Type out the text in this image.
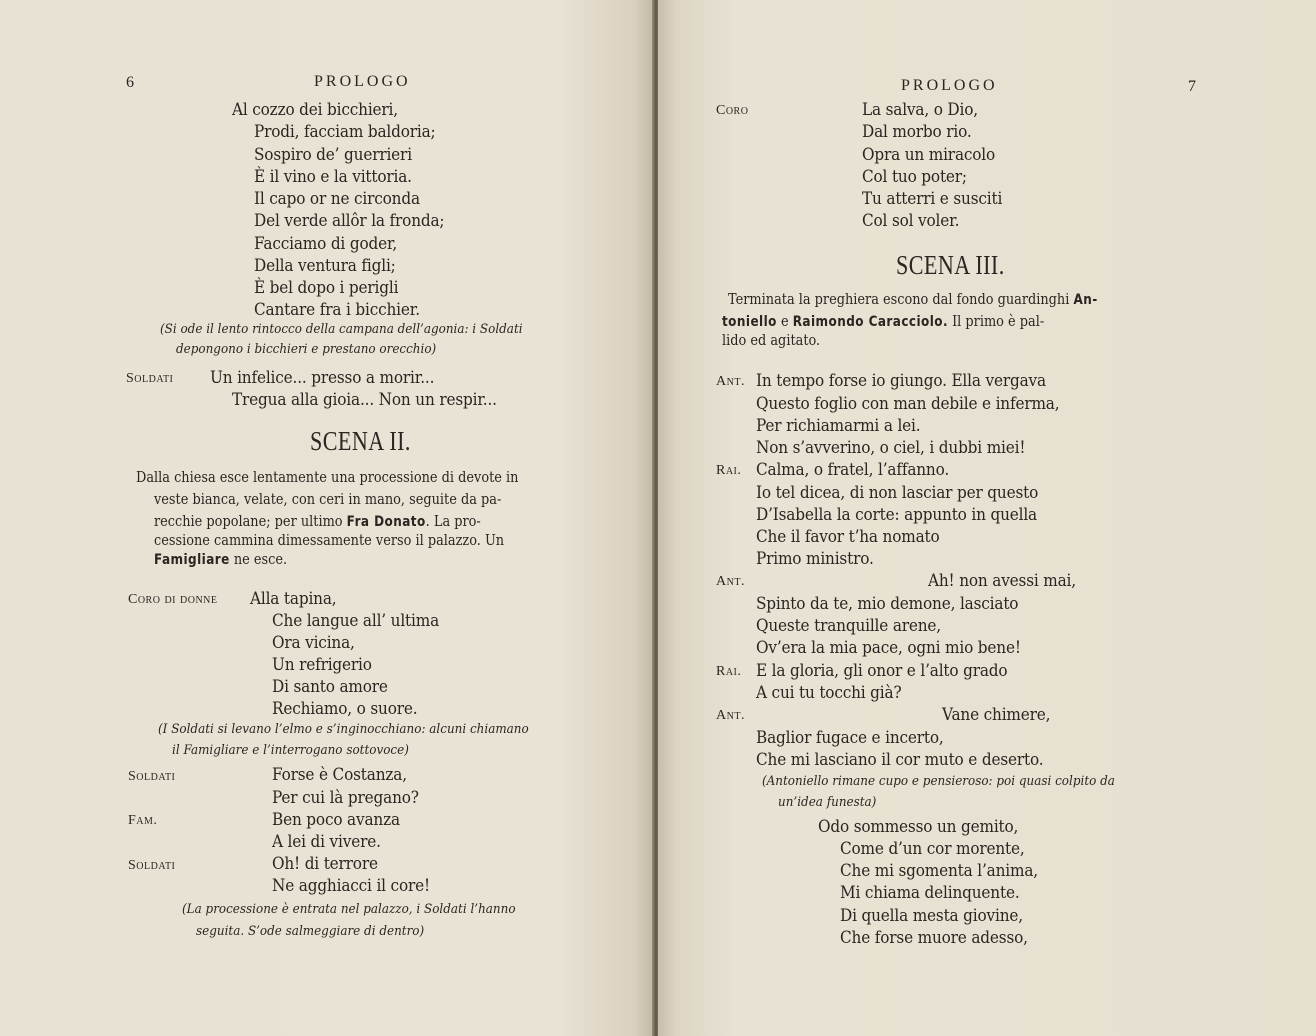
6	PROLOGO
Al cozzo dei bicchieri,
Prodi, facciam baldoria;
Sospiro de’ guerrieri
È il vino e la vittoria.
Il capo or ne circonda
Del verde allôr la fronda;
Facciamo di goder,
Della ventura figli;
È bel dopo i perigli
Cantare fra i bicchier.
(Si ode il lento rintocco della campana dell’agonia: i Soldati
depongono i bicchieri e prestano orecchio)
Soldati Un infelice... presso a morir...
Tregua alla gioia... Non un respir...
SCENA II.
Dalla chiesa esce lentamente una processione di devote in
veste bianca, velate, con ceri in mano, seguite da pa-
recchie popolane; per ultimo Fra Donato. La pro-
cessione cammina dimessamente verso il palazzo. Un
Famigliare ne esce.
Coro di donne Alla tapina,
Che langue all’ ultima
Ora vicina,
Un refrigerio
Di santo amore
Rechiamo, o suore.
(I Soldati si levano l’elmo e s’inginocchiano: alcuni chiamano
il Famigliare e l’interrogano sottovoce)
Soldati	Forse è Costanza,
Per cui là pregano?
Fam.	Ben poco avanza
A lei di vivere.
Soldati	Oh! di terrore
Ne agghiacci il core!
(La processione è entrata nel palazzo, i Soldati l’hanno
seguita. S’ode salmeggiare di dentro)
PROLOGO	7
Coro	La salva, o Dio,
Dal morbo rio.
Opra un miracolo
Col tuo poter;
Tu atterri e susciti
Col sol voler.
SCENA III.
Terminata la preghiera escono dal fondo guardinghi An-
toniello e Raimondo Caracciolo. Il primo è pal-
lido ed agitato.
Ant. In tempo forse io giungo. Ella vergava
Questo foglio con man debile e inferma,
Per richiamarmi a lei.
Non s’avverino, o ciel, i dubbi miei!
Rai. Calma, o fratel, l’affanno.
Io tel dicea, di non lasciar per questo
D’Isabella la corte: appunto in quella
Che il favor t’ha nomato
Primo ministro.
Ant.	Ah! non avessi mai,
Spinto da te, mio demone, lasciato
Queste tranquille arene,
Ov’era la mia pace, ogni mio bene!
Rai. E la gloria, gli onor e l’alto grado
A cui tu tocchi già?
Ant.	Vane chimere,
Baglior fugace e incerto,
Che mi lasciano il cor muto e deserto.
(Antoniello rimane cupo e pensieroso: poi quasi colpito da
un’idea funesta)
Odo sommesso un gemito,
Come d’un cor morente,
Che mi sgomenta l’anima,
Mi chiama delinquente.
Di quella mesta giovine,
Che forse muore adesso,
